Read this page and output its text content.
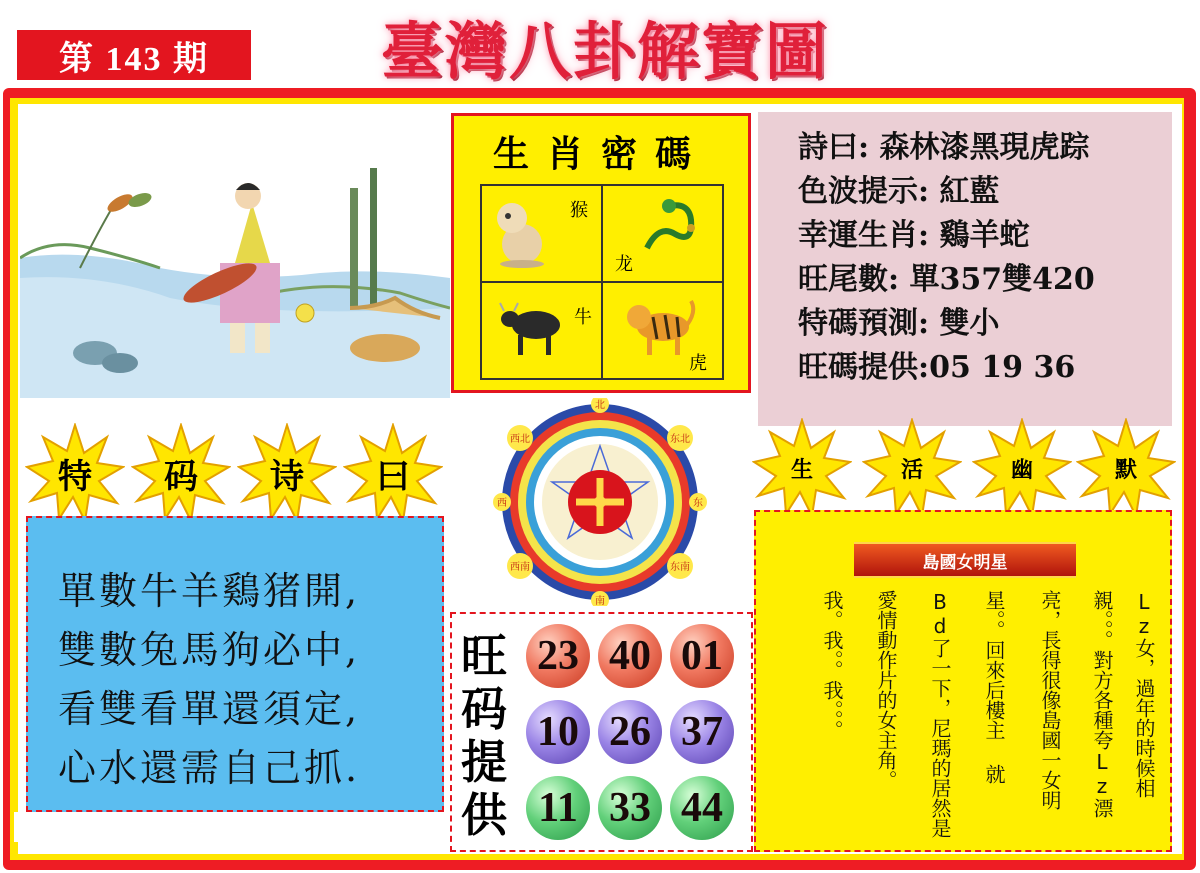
第 143 期	臺灣八卦解寶圖
生肖密碼
猴
龙
牛
虎
詩曰: 森林漆黑現虎踪
色波提示: 紅藍
幸運生肖: 鷄羊蛇
旺尾數: 單357雙420
特碼預測: 雙小
旺碼提供:05 19 36
特	码	诗	曰	生	活	幽	默
單數牛羊鷄猪開,
雙數兔馬狗必中,
看雙看單還須定,
心水還需自己抓.
北
东
南
西
东北
东南
西南
西北
旺码提供
23 40 01
10 26 37
11 33 44
島國女明星
Lz女，過年的時候相
親。。。對方各種夸Lz漂
亮，長得很像島國一女明
星。。回來后樓主 就
Bd了一下，尼瑪的居然是
愛情動作片的女主角。
我。我。。我。。。
